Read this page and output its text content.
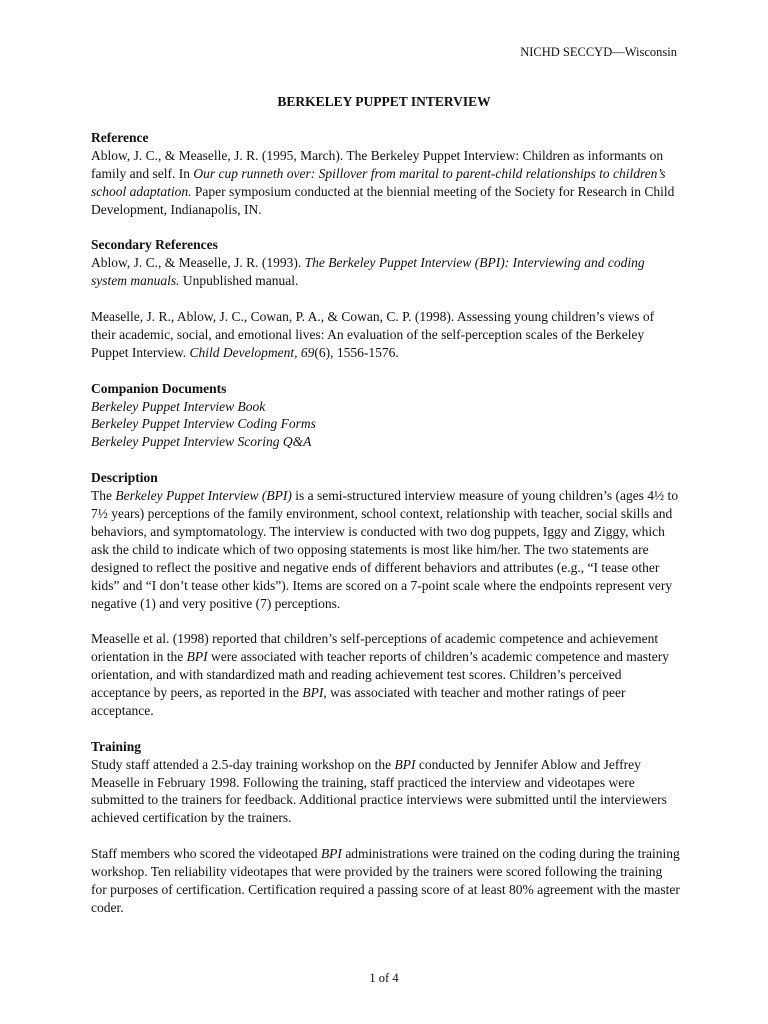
NICHD SECCYD—Wisconsin
BERKELEY PUPPET INTERVIEW

Reference

Ablow, J. C., & Measelle, J. R. (1995, March). The Berkeley Puppet Interview: Children as informants on family and self. In Our cup runneth over: Spillover from marital to parent-child relationships to children’s school adaptation. Paper symposium conducted at the biennial meeting of the Society for Research in Child Development, Indianapolis, IN.

Secondary References

Ablow, J. C., & Measelle, J. R. (1993). The Berkeley Puppet Interview (BPI): Interviewing and coding system manuals. Unpublished manual.

Measelle, J. R., Ablow, J. C., Cowan, P. A., & Cowan, C. P. (1998). Assessing young children’s views of their academic, social, and emotional lives: An evaluation of the self-perception scales of the Berkeley Puppet Interview. Child Development, 69(6), 1556-1576.

Companion Documents

Berkeley Puppet Interview Book

Berkeley Puppet Interview Coding Forms

Berkeley Puppet Interview Scoring Q&A

Description

The Berkeley Puppet Interview (BPI) is a semi-structured interview measure of young children’s (ages 4½ to 7½ years) perceptions of the family environment, school context, relationship with teacher, social skills and behaviors, and symptomatology. The interview is conducted with two dog puppets, Iggy and Ziggy, which ask the child to indicate which of two opposing statements is most like him/her. The two statements are designed to reflect the positive and negative ends of different behaviors and attributes (e.g., “I tease other kids” and “I don’t tease other kids”). Items are scored on a 7-point scale where the endpoints represent very negative (1) and very positive (7) perceptions.

Measelle et al. (1998) reported that children’s self-perceptions of academic competence and achievement orientation in the BPI were associated with teacher reports of children’s academic competence and mastery orientation, and with standardized math and reading achievement test scores. Children’s perceived acceptance by peers, as reported in the BPI, was associated with teacher and mother ratings of peer acceptance.

Training

Study staff attended a 2.5-day training workshop on the BPI conducted by Jennifer Ablow and Jeffrey Measelle in February 1998. Following the training, staff practiced the interview and videotapes were submitted to the trainers for feedback. Additional practice interviews were submitted until the interviewers achieved certification by the trainers.

Staff members who scored the videotaped BPI administrations were trained on the coding during the training workshop. Ten reliability videotapes that were provided by the trainers were scored following the training for purposes of certification. Certification required a passing score of at least 80% agreement with the master coder.

1 of 4
